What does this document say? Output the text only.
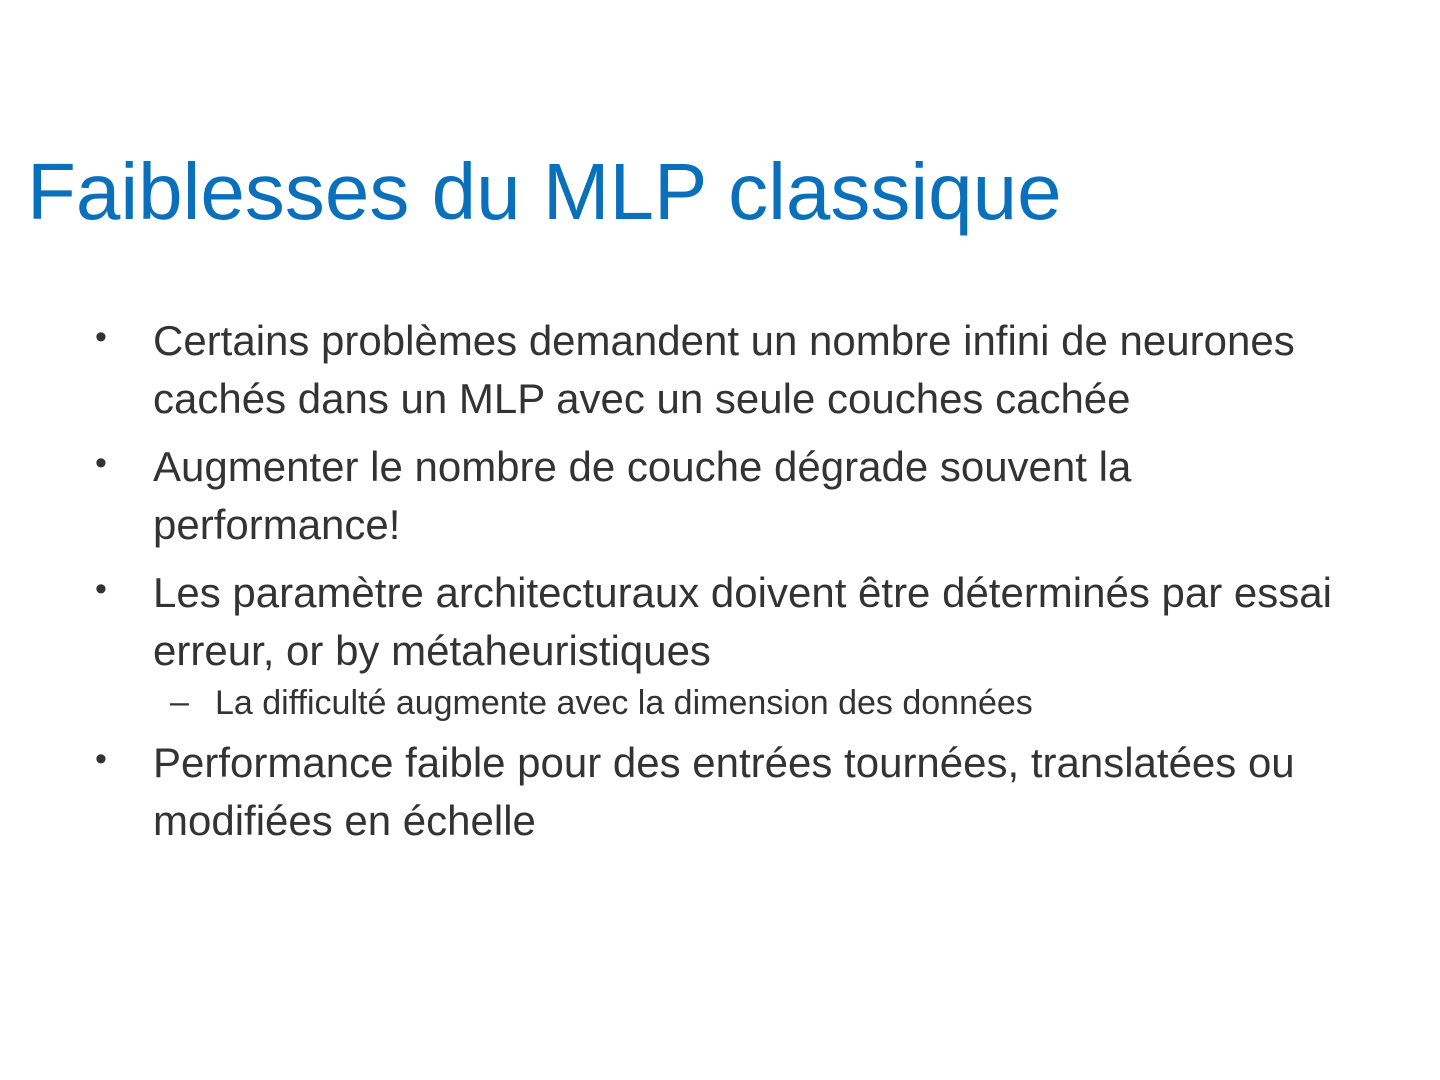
Faiblesses du MLP classique
• Certains problèmes demandent un nombre infini de neurones cachés dans un MLP avec un seule couches cachée
• Augmenter le nombre de couche dégrade souvent la performance!
• Les paramètre architecturaux doivent être déterminés par essai erreur, or by métaheuristiques
– La difficulté augmente avec la dimension des données
• Performance faible pour des entrées tournées, translatées ou modifiées en échelle
